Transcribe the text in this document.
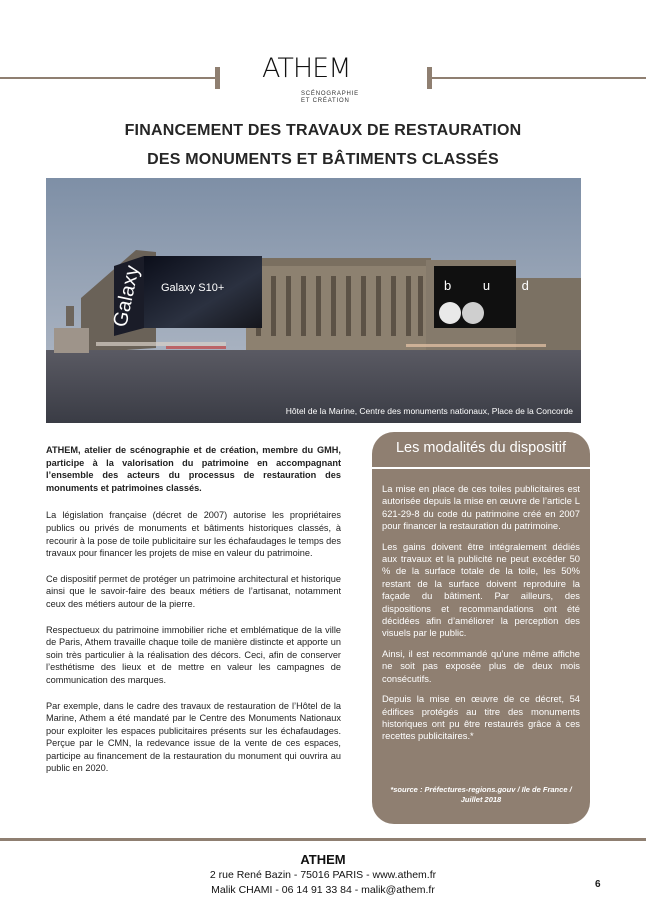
ATHEM
SCÉNOGRAPHIE
ET CRÉATION
FINANCEMENT DES TRAVAUX DE RESTAURATION
DES MONUMENTS ET BÂTIMENTS CLASSÉS
Galaxy S10+
Galaxy	b u d
Hôtel de la Marine, Centre des monuments nationaux, Place de la Concorde

ATHEM, atelier de scénographie et de création, membre du GMH, participe à la valorisation du patrimoine en accompagnant l’ensemble des acteurs du processus de restauration des monuments et patrimoines classés.

La législation française (décret de 2007) autorise les propriétaires publics ou privés de monuments et bâtiments historiques classés, à recourir à la pose de toile publicitaire sur les échafaudages le temps des travaux pour financer les projets de mise en valeur du patrimoine.

Ce dispositif permet de protéger un patrimoine architectural et historique ainsi que le savoir-faire des beaux métiers de l’artisanat, notamment ceux des métiers autour de la pierre.

Respectueux du patrimoine immobilier riche et emblématique de la ville de Paris, Athem travaille chaque toile de manière distincte et apporte un soin très particulier à la réalisation des décors. Ceci, afin de conserver l’esthétisme des lieux et de mettre en valeur les campagnes de communication des marques.

Par exemple, dans le cadre des travaux de restauration de l’Hôtel de la Marine, Athem a été mandaté par le Centre des Monuments Nationaux pour exploiter les espaces publicitaires présents sur les échafaudages. Perçue par le CMN, la redevance issue de la vente de ces espaces, participe au financement de la restauration du monument qui ouvrira au public en 2020.

Les modalités du dispositif

La mise en place de ces toiles publicitaires est autorisée depuis la mise en œuvre de l’article L 621-29-8 du code du patrimoine créé en 2007 pour financer la restauration du patrimoine.

Les gains doivent être intégralement dédiés aux travaux et la publicité ne peut excéder 50 % de la surface totale de la toile, les 50% restant de la surface doivent reproduire la façade du bâtiment. Par ailleurs, des dispositions et recommandations ont été décidées afin d’améliorer la perception des visuels par le public.

Ainsi, il est recommandé qu’une même affiche ne soit pas exposée plus de deux mois consécutifs.

Depuis la mise en œuvre de ce décret, 54 édifices protégés au titre des monuments historiques ont pu être restaurés grâce à ces recettes publicitaires.*

*source : Préfectures-regions.gouv / Ile de France /
Juillet 2018
ATHEM
2 rue René Bazin - 75016 PARIS - www.athem.fr
Malik CHAMI - 06 14 91 33 84 - malik@athem.fr	6
